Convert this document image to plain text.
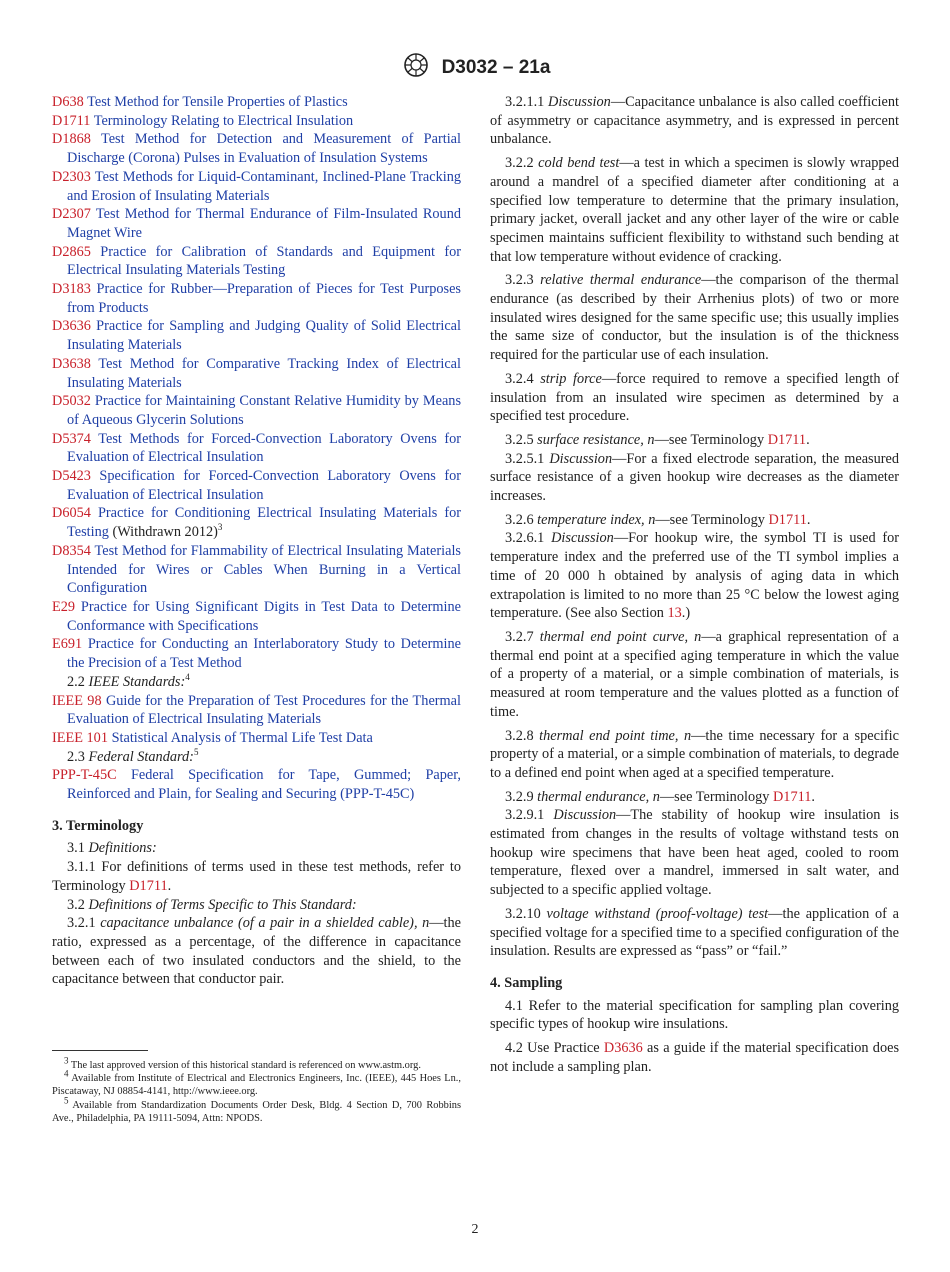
D3032 – 21a
D638 Test Method for Tensile Properties of Plastics
D1711 Terminology Relating to Electrical Insulation
D1868 Test Method for Detection and Measurement of Partial Discharge (Corona) Pulses in Evaluation of Insulation Systems
D2303 Test Methods for Liquid-Contaminant, Inclined-Plane Tracking and Erosion of Insulating Materials
D2307 Test Method for Thermal Endurance of Film-Insulated Round Magnet Wire
D2865 Practice for Calibration of Standards and Equipment for Electrical Insulating Materials Testing
D3183 Practice for Rubber—Preparation of Pieces for Test Purposes from Products
D3636 Practice for Sampling and Judging Quality of Solid Electrical Insulating Materials
D3638 Test Method for Comparative Tracking Index of Electrical Insulating Materials
D5032 Practice for Maintaining Constant Relative Humidity by Means of Aqueous Glycerin Solutions
D5374 Test Methods for Forced-Convection Laboratory Ovens for Evaluation of Electrical Insulation
D5423 Specification for Forced-Convection Laboratory Ovens for Evaluation of Electrical Insulation
D6054 Practice for Conditioning Electrical Insulating Materials for Testing (Withdrawn 2012)$^3$
D8354 Test Method for Flammability of Electrical Insulating Materials Intended for Wires or Cables When Burning in a Vertical Configuration
E29 Practice for Using Significant Digits in Test Data to Determine Conformance with Specifications
E691 Practice for Conducting an Interlaboratory Study to Determine the Precision of a Test Method
2.2 IEEE Standards:$^4$
IEEE 98 Guide for the Preparation of Test Procedures for the Thermal Evaluation of Electrical Insulating Materials
IEEE 101 Statistical Analysis of Thermal Life Test Data
2.3 Federal Standard:$^5$
PPP-T-45C Federal Specification for Tape, Gummed; Paper, Reinforced and Plain, for Sealing and Securing (PPP-T-45C)
3. Terminology
3.1 Definitions:
3.1.1 For definitions of terms used in these test methods, refer to Terminology D1711.
3.2 Definitions of Terms Specific to This Standard:
3.2.1 capacitance unbalance (of a pair in a shielded cable), n—the ratio, expressed as a percentage, of the difference in capacitance between each of two insulated conductors and the shield, to the capacitance between that conductor pair.
$^3$ The last approved version of this historical standard is referenced on www.astm.org.
$^4$ Available from Institute of Electrical and Electronics Engineers, Inc. (IEEE), 445 Hoes Ln., Piscataway, NJ 08854-4141, http://www.ieee.org.
$^5$ Available from Standardization Documents Order Desk, Bldg. 4 Section D, 700 Robbins Ave., Philadelphia, PA 19111-5094, Attn: NPODS.
3.2.1.1 Discussion—Capacitance unbalance is also called coefficient of asymmetry or capacitance asymmetry, and is expressed in percent unbalance.
3.2.2 cold bend test—a test in which a specimen is slowly wrapped around a mandrel of a specified diameter after conditioning at a specified low temperature to determine that the primary insulation, primary jacket, overall jacket and any other layer of the wire or cable specimen maintains sufficient flexibility to withstand such bending at that low temperature without evidence of cracking.
3.2.3 relative thermal endurance—the comparison of the thermal endurance (as described by their Arrhenius plots) of two or more insulated wires designed for the same specific use; this usually implies the same size of conductor, but the insulation is of the thickness required for the particular use of each insulation.
3.2.4 strip force—force required to remove a specified length of insulation from an insulated wire specimen as determined by a specified test procedure.
3.2.5 surface resistance, n—see Terminology D1711.
3.2.5.1 Discussion—For a fixed electrode separation, the measured surface resistance of a given hookup wire decreases as the diameter increases.
3.2.6 temperature index, n—see Terminology D1711.
3.2.6.1 Discussion—For hookup wire, the symbol TI is used for temperature index and the preferred use of the TI symbol implies a time of 20 000 h obtained by analysis of aging data in which extrapolation is limited to no more than 25 °C below the lowest aging temperature. (See also Section 13.)
3.2.7 thermal end point curve, n—a graphical representation of a thermal end point at a specified aging temperature in which the value of a property of a material, or a simple combination of materials, is measured at room temperature and the values plotted as a function of time.
3.2.8 thermal end point time, n—the time necessary for a specific property of a material, or a simple combination of materials, to degrade to a defined end point when aged at a specified temperature.
3.2.9 thermal endurance, n—see Terminology D1711.
3.2.9.1 Discussion—The stability of hookup wire insulation is estimated from changes in the results of voltage withstand tests on hookup wire specimens that have been heat aged, cooled to room temperature, flexed over a mandrel, immersed in salt water, and subjected to a specific applied voltage.
3.2.10 voltage withstand (proof-voltage) test—the application of a specified voltage for a specified time to a specified configuration of the insulation. Results are expressed as “pass” or “fail.”
4. Sampling
4.1 Refer to the material specification for sampling plan covering specific types of hookup wire insulations.
4.2 Use Practice D3636 as a guide if the material specification does not include a sampling plan.
2
